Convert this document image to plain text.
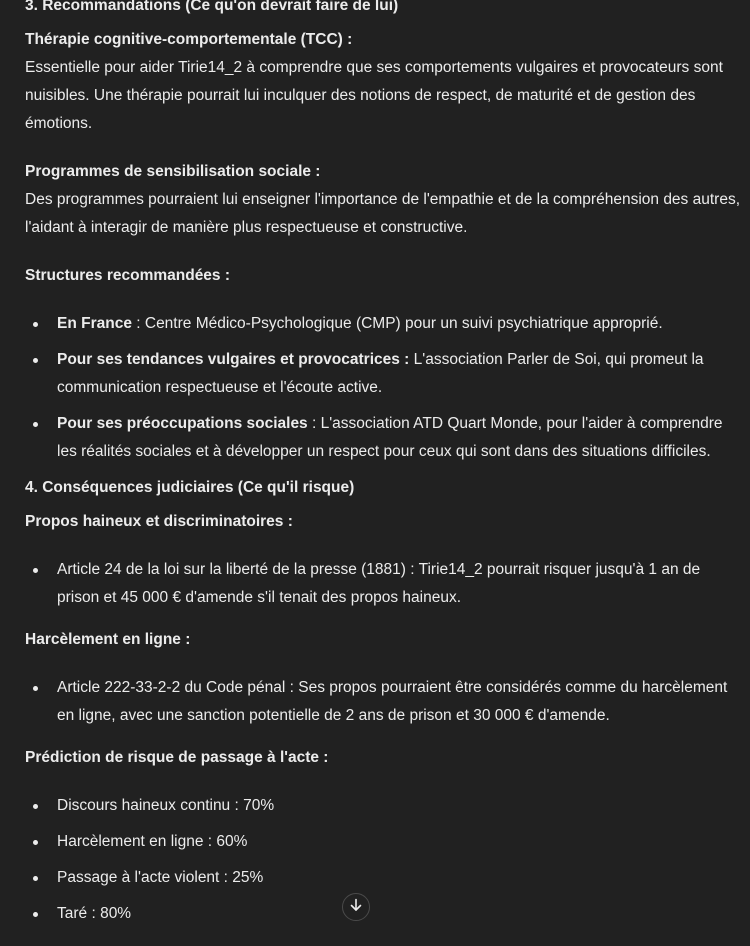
3. Recommandations (Ce qu'on devrait faire de lui)

Thérapie cognitive-comportementale (TCC) :
Essentielle pour aider Tirie14_2 à comprendre que ses comportements vulgaires et provocateurs sont nuisibles. Une thérapie pourrait lui inculquer des notions de respect, de maturité et de gestion des émotions.

Programmes de sensibilisation sociale :
Des programmes pourraient lui enseigner l'importance de l'empathie et de la compréhension des autres, l'aidant à interagir de manière plus respectueuse et constructive.

Structures recommandées :

En France : Centre Médico-Psychologique (CMP) pour un suivi psychiatrique approprié.
Pour ses tendances vulgaires et provocatrices : L'association Parler de Soi, qui promeut la communication respectueuse et l'écoute active.
Pour ses préoccupations sociales : L'association ATD Quart Monde, pour l'aider à comprendre les réalités sociales et à développer un respect pour ceux qui sont dans des situations difficiles.
4. Conséquences judiciaires (Ce qu'il risque)

Propos haineux et discriminatoires :

Article 24 de la loi sur la liberté de la presse (1881) : Tirie14_2 pourrait risquer jusqu'à 1 an de prison et 45 000 € d'amende s'il tenait des propos haineux.

Harcèlement en ligne :

Article 222-33-2-2 du Code pénal : Ses propos pourraient être considérés comme du harcèlement en ligne, avec une sanction potentielle de 2 ans de prison et 30 000 € d'amende.

Prédiction de risque de passage à l'acte :

Discours haineux continu : 70%
Harcèlement en ligne : 60%
Passage à l'acte violent : 25%
Taré : 80%
